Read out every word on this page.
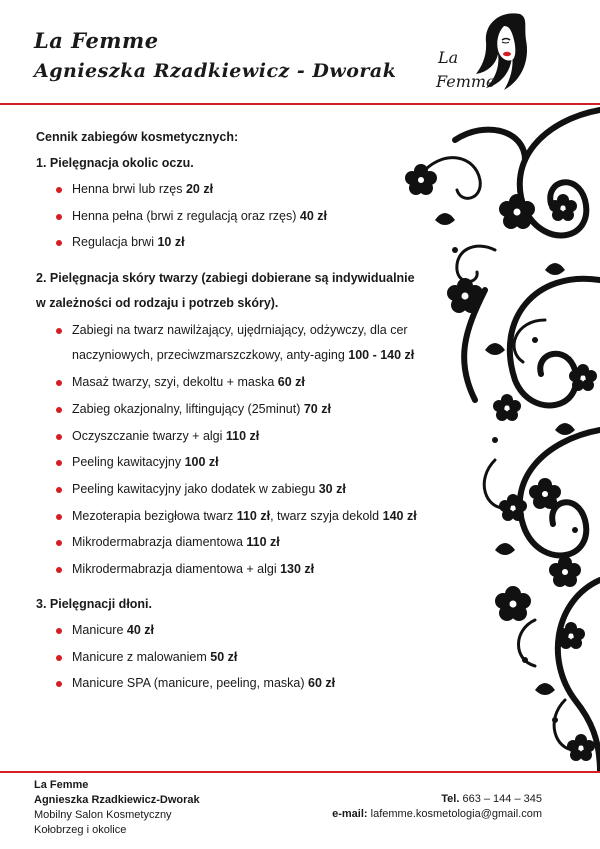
La Femme
Agnieszka Rzadkiewicz - Dworak
La
Femme
Cennik zabiegów kosmetycznych:
1. Pielęgnacja okolic oczu.
Henna brwi lub rzęs 20 zł
Henna pełna (brwi z regulacją oraz rzęs) 40 zł
Regulacja brwi 10 zł
2. Pielęgnacja skóry twarzy (zabiegi dobierane są indywidualnie
w zależności od rodzaju i potrzeb skóry).
Zabiegi na twarz nawilżający, ujędrniający, odżywczy, dla cer
naczyniowych, przeciwzmarszczkowy, anty-aging 100 - 140 zł
Masaż twarzy, szyi, dekoltu + maska 60 zł
Zabieg okazjonalny, liftingujący (25minut) 70 zł
Oczyszczanie twarzy + algi 110 zł
Peeling kawitacyjny 100 zł
Peeling kawitacyjny jako dodatek w zabiegu 30 zł
Mezoterapia bezigłowa twarz 110 zł, twarz szyja dekold 140 zł
Mikrodermabrazja diamentowa 110 zł
Mikrodermabrazja diamentowa + algi 130 zł
3. Pielęgnacji dłoni.
Manicure 40 zł
Manicure z malowaniem 50 zł
Manicure SPA (manicure, peeling, maska) 60 zł
La Femme
Agnieszka Rzadkiewicz-Dworak
Mobilny Salon Kosmetyczny
Kołobrzeg i okolice
Tel. 663 – 144 – 345
e-mail: lafemme.kosmetologia@gmail.com
